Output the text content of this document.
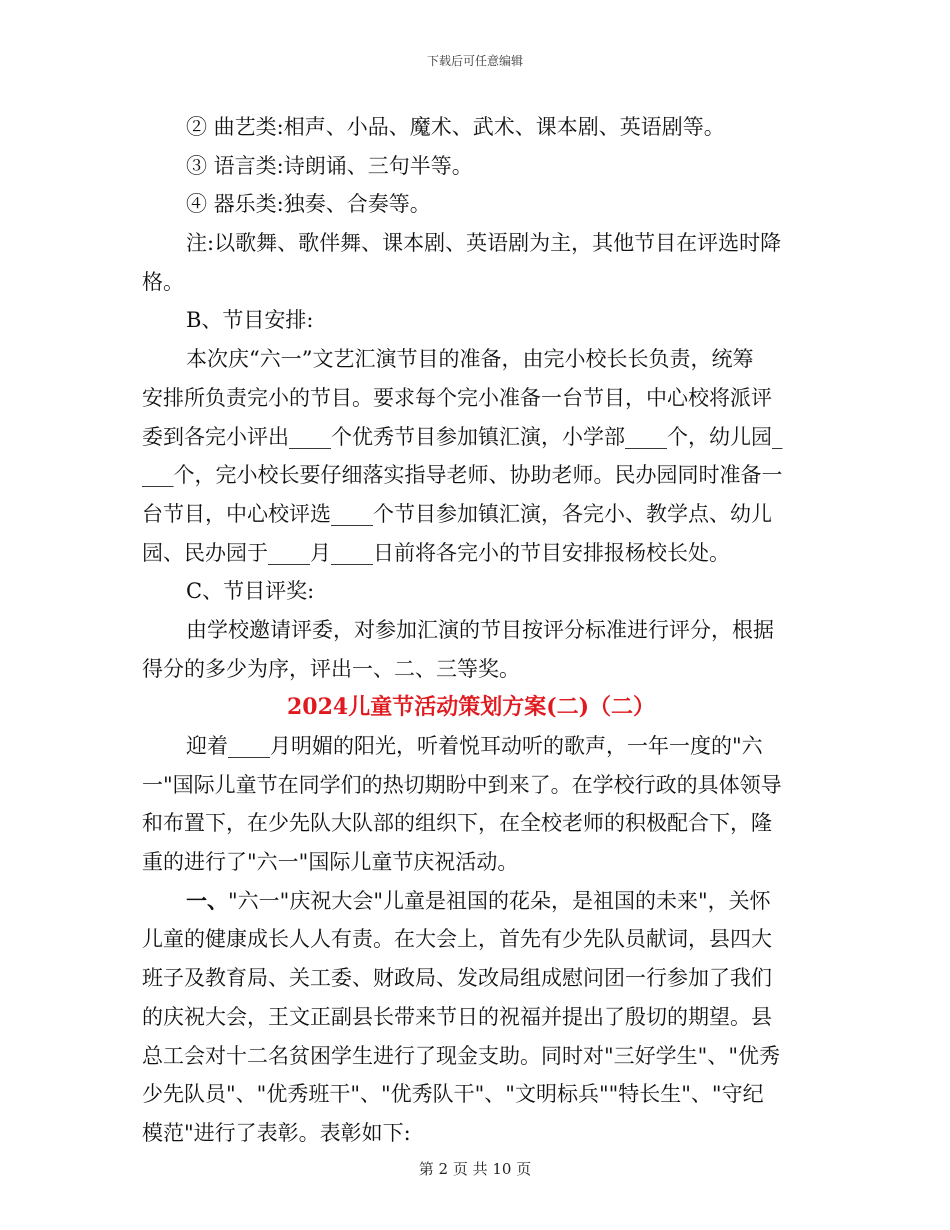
下载后可任意编辑
② 曲艺类:相声、小品、魔术、武术、课本剧、英语剧等。
③ 语言类:诗朗诵、三句半等。
④ 器乐类:独奏、合奏等。
注:以歌舞、歌伴舞、课本剧、英语剧为主，其他节目在评选时降
格。
B、节目安排:
本次庆“六一”文艺汇演节目的准备，由完小校长长负责，统筹
安排所负责完小的节目。要求每个完小准备一台节目，中心校将派评
委到各完小评出____个优秀节目参加镇汇演，小学部____个，幼儿园_
___个，完小校长要仔细落实指导老师、协助老师。民办园同时准备一
台节目，中心校评选____个节目参加镇汇演，各完小、教学点、幼儿
园、民办园于____月____日前将各完小的节目安排报杨校长处。
C、节目评奖:
由学校邀请评委，对参加汇演的节目按评分标准进行评分，根据
得分的多少为序，评出一、二、三等奖。
2024儿童节活动策划方案(二)（二）
迎着____月明媚的阳光，听着悦耳动听的歌声，一年一度的"六
一"国际儿童节在同学们的热切期盼中到来了。在学校行政的具体领导
和布置下，在少先队大队部的组织下，在全校老师的积极配合下，隆
重的进行了"六一"国际儿童节庆祝活动。
一、"六一"庆祝大会"儿童是祖国的花朵，是祖国的未来"，关怀
儿童的健康成长人人有责。在大会上，首先有少先队员献词，县四大
班子及教育局、关工委、财政局、发改局组成慰问团一行参加了我们
的庆祝大会，王文正副县长带来节日的祝福并提出了殷切的期望。县
总工会对十二名贫困学生进行了现金支助。同时对"三好学生"、"优秀
少先队员"、"优秀班干"、"优秀队干"、"文明标兵""特长生"、"守纪
模范"进行了表彰。表彰如下:
第 2 页 共 10 页
